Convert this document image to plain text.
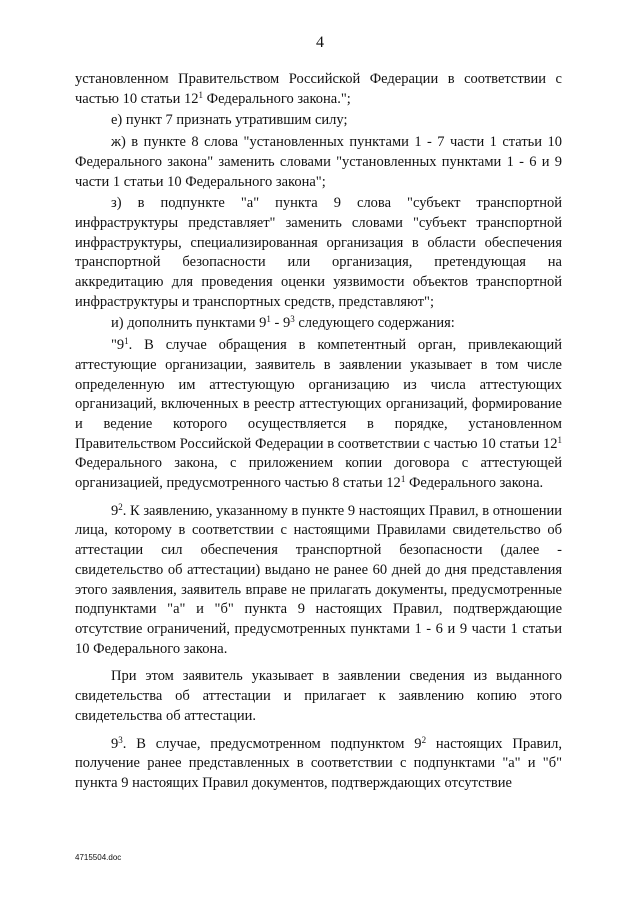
4

установленном Правительством Российской Федерации в соответствии с частью 10 статьи $12^1$ Федерального закона.";

е) пункт 7 признать утратившим силу;

ж) в пункте 8 слова "установленных пунктами 1 - 7 части 1 статьи 10 Федерального закона" заменить словами "установленных пунктами 1 - 6 и 9 части 1 статьи 10 Федерального закона";

з) в подпункте "а" пункта 9 слова "субъект транспортной инфраструктуры представляет" заменить словами "субъект транспортной инфраструктуры, специализированная организация в области обеспечения транспортной безопасности или организация, претендующая на аккредитацию для проведения оценки уязвимости объектов транспортной инфраструктуры и транспортных средств, представляют";

и) дополнить пунктами $9^1 - 9^3$ следующего содержания:

"$9^1$. В случае обращения в компетентный орган, привлекающий аттестующие организации, заявитель в заявлении указывает в том числе определенную им аттестующую организацию из числа аттестующих организаций, включенных в реестр аттестующих организаций, формирование и ведение которого осуществляется в порядке, установленном Правительством Российской Федерации в соответствии с частью 10 статьи $12^1$ Федерального закона, с приложением копии договора с аттестующей организацией, предусмотренного частью 8 статьи $12^1$ Федерального закона.

$9^2$. К заявлению, указанному в пункте 9 настоящих Правил, в отношении лица, которому в соответствии с настоящими Правилами свидетельство об аттестации сил обеспечения транспортной безопасности (далее - свидетельство об аттестации) выдано не ранее 60 дней до дня представления этого заявления, заявитель вправе не прилагать документы, предусмотренные подпунктами "а" и "б" пункта 9 настоящих Правил, подтверждающие отсутствие ограничений, предусмотренных пунктами 1 - 6 и 9 части 1 статьи 10 Федерального закона.

При этом заявитель указывает в заявлении сведения из выданного свидетельства об аттестации и прилагает к заявлению копию этого свидетельства об аттестации.

$9^3$. В случае, предусмотренном подпунктом $9^2$ настоящих Правил, получение ранее представленных в соответствии с подпунктами "а" и "б" пункта 9 настоящих Правил документов, подтверждающих отсутствие

4715504.doc
